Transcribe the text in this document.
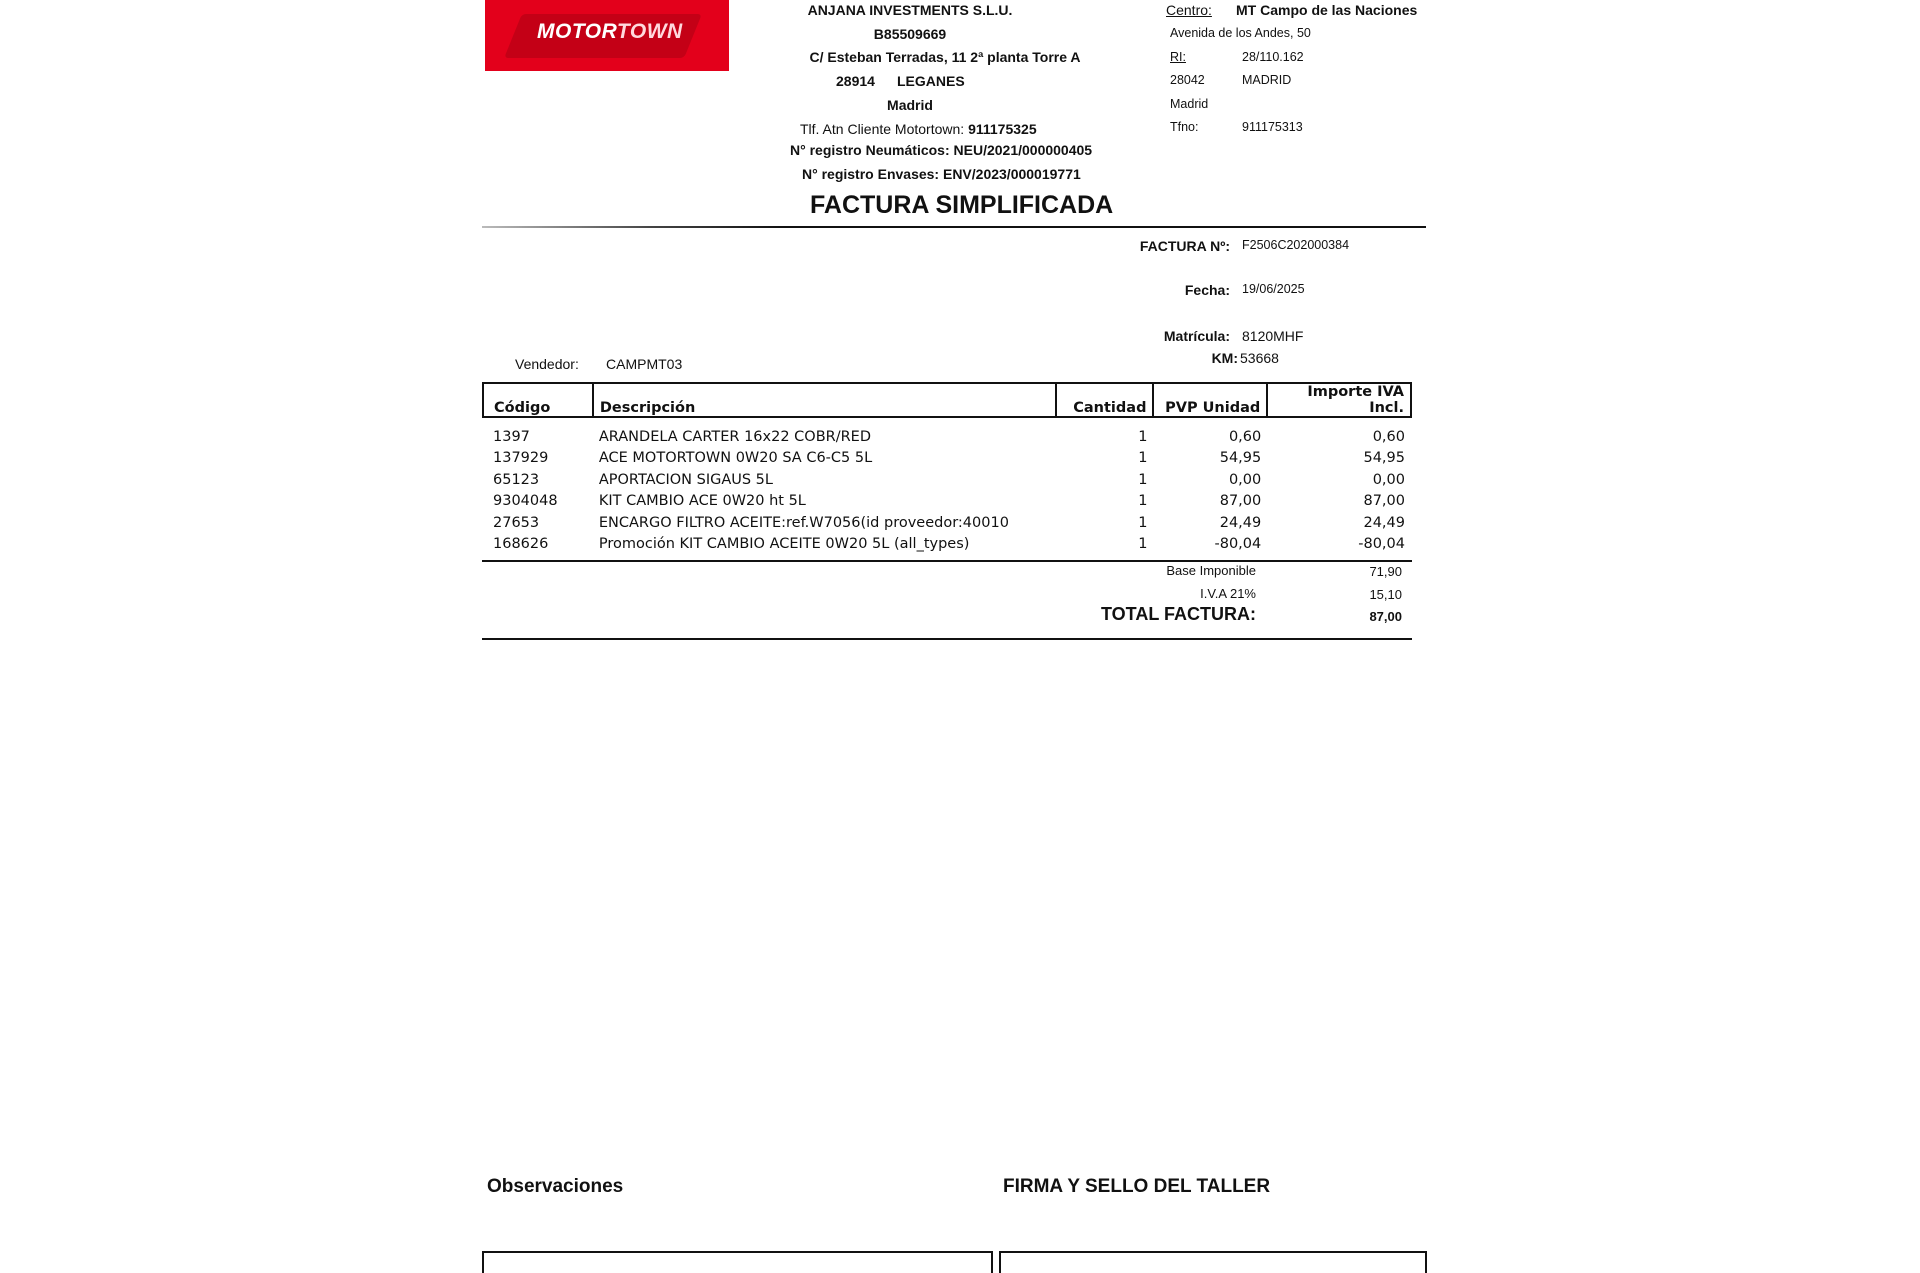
MOTORTOWN
ANJANA INVESTMENTS S.L.U.
B85509669
C/ Esteban Terradas, 11 2ª planta Torre A
28914 LEGANES
Madrid
Tlf. Atn Cliente Motortown: 911175325
N° registro Neumáticos: NEU/2021/000000405
N° registro Envases: ENV/2023/000019771
Centro: MT Campo de las Naciones
Avenida de los Andes, 50
RI:	28/110.162
28042	MADRID
Madrid
Tfno:	911175313
FACTURA SIMPLIFICADA
FACTURA Nº: F2506C202000384
Fecha: 19/06/2025
Matrícula: 8120MHF
KM: 53668
Vendedor: CAMPMT03
Código	Descripción	Cantidad	PVP Unidad	Importe IVA Incl.

1397	ARANDELA CARTER 16x22 COBR/RED	1	0,60	0,60
137929	ACE MOTORTOWN 0W20 SA C6-C5 5L	1	54,95	54,95
65123	APORTACION SIGAUS 5L	1	0,00	0,00
9304048	KIT CAMBIO ACE 0W20 ht 5L	1	87,00	87,00
27653	ENCARGO FILTRO ACEITE:ref.W7056(id proveedor:40010	1	24,49	24,49
168626	Promoción KIT CAMBIO ACEITE 0W20 5L (all_types)	1	-80,04	-80,04
Base Imponible	71,90
I.V.A 21%	15,10
TOTAL FACTURA:	87,00
Observaciones	FIRMA Y SELLO DEL TALLER
